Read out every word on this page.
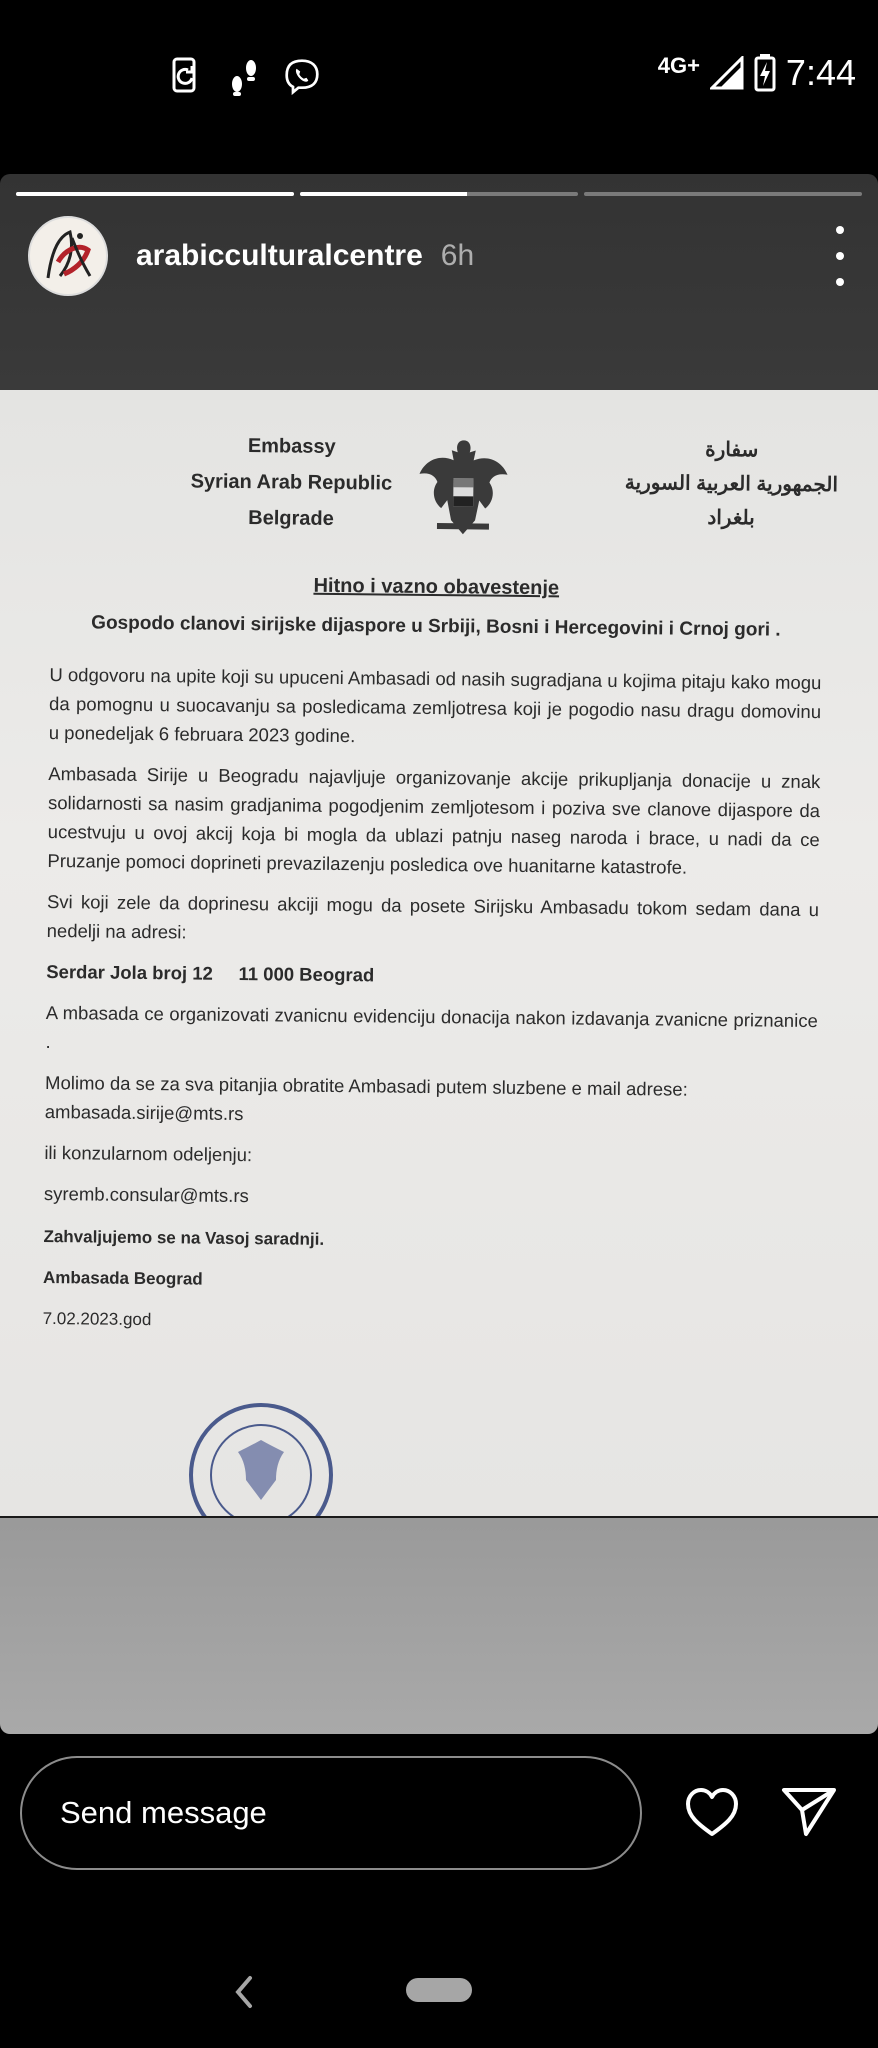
4G+ 7:44
arabicculturalcentre 6h
Embassy
Syrian Arab Republic
Belgrade
سفارة
الجمهورية العربية السورية
بلغراد
Hitno i vazno obavestenje
Gospodo clanovi sirijske dijaspore u Srbiji, Bosni i Hercegovini i Crnoj gori .

U odgovoru na upite koji su upuceni Ambasadi od nasih sugradjana u kojima pitaju kako mogu da pomognu u suocavanju sa posledicama zemljotresa koji je pogodio nasu dragu domovinu u ponedeljak 6 februara 2023 godine.

Ambasada Sirije u Beogradu najavljuje organizovanje akcije prikupljanja donacije u znak solidarnosti sa nasim gradjanima pogodjenim zemljotesom i poziva sve clanove dijaspore da ucestvuju u ovoj akcij koja bi mogla da ublazi patnju naseg naroda i brace, u nadi da ce Pruzanje pomoci doprineti prevazilazenju posledica ove huanitarne katastrofe.

Svi koji zele da doprinesu akciji mogu da posete Sirijsku Ambasadu tokom sedam dana u nedelji na adresi:

Serdar Jola broj 12     11 000 Beograd

A mbasada ce organizovati zvanicnu evidenciju donacija nakon izdavanja zvanicne priznanice .

Molimo da se za sva pitanjia obratite Ambasadi putem sluzbene e mail adrese:

ambasada.sirije@mts.rs

ili konzularnom odeljenju:

syremb.consular@mts.rs

Zahvaljujemo se na Vasoj saradnji.

Ambasada Beograd

7.02.2023.god

BEOGRADE
Send message
